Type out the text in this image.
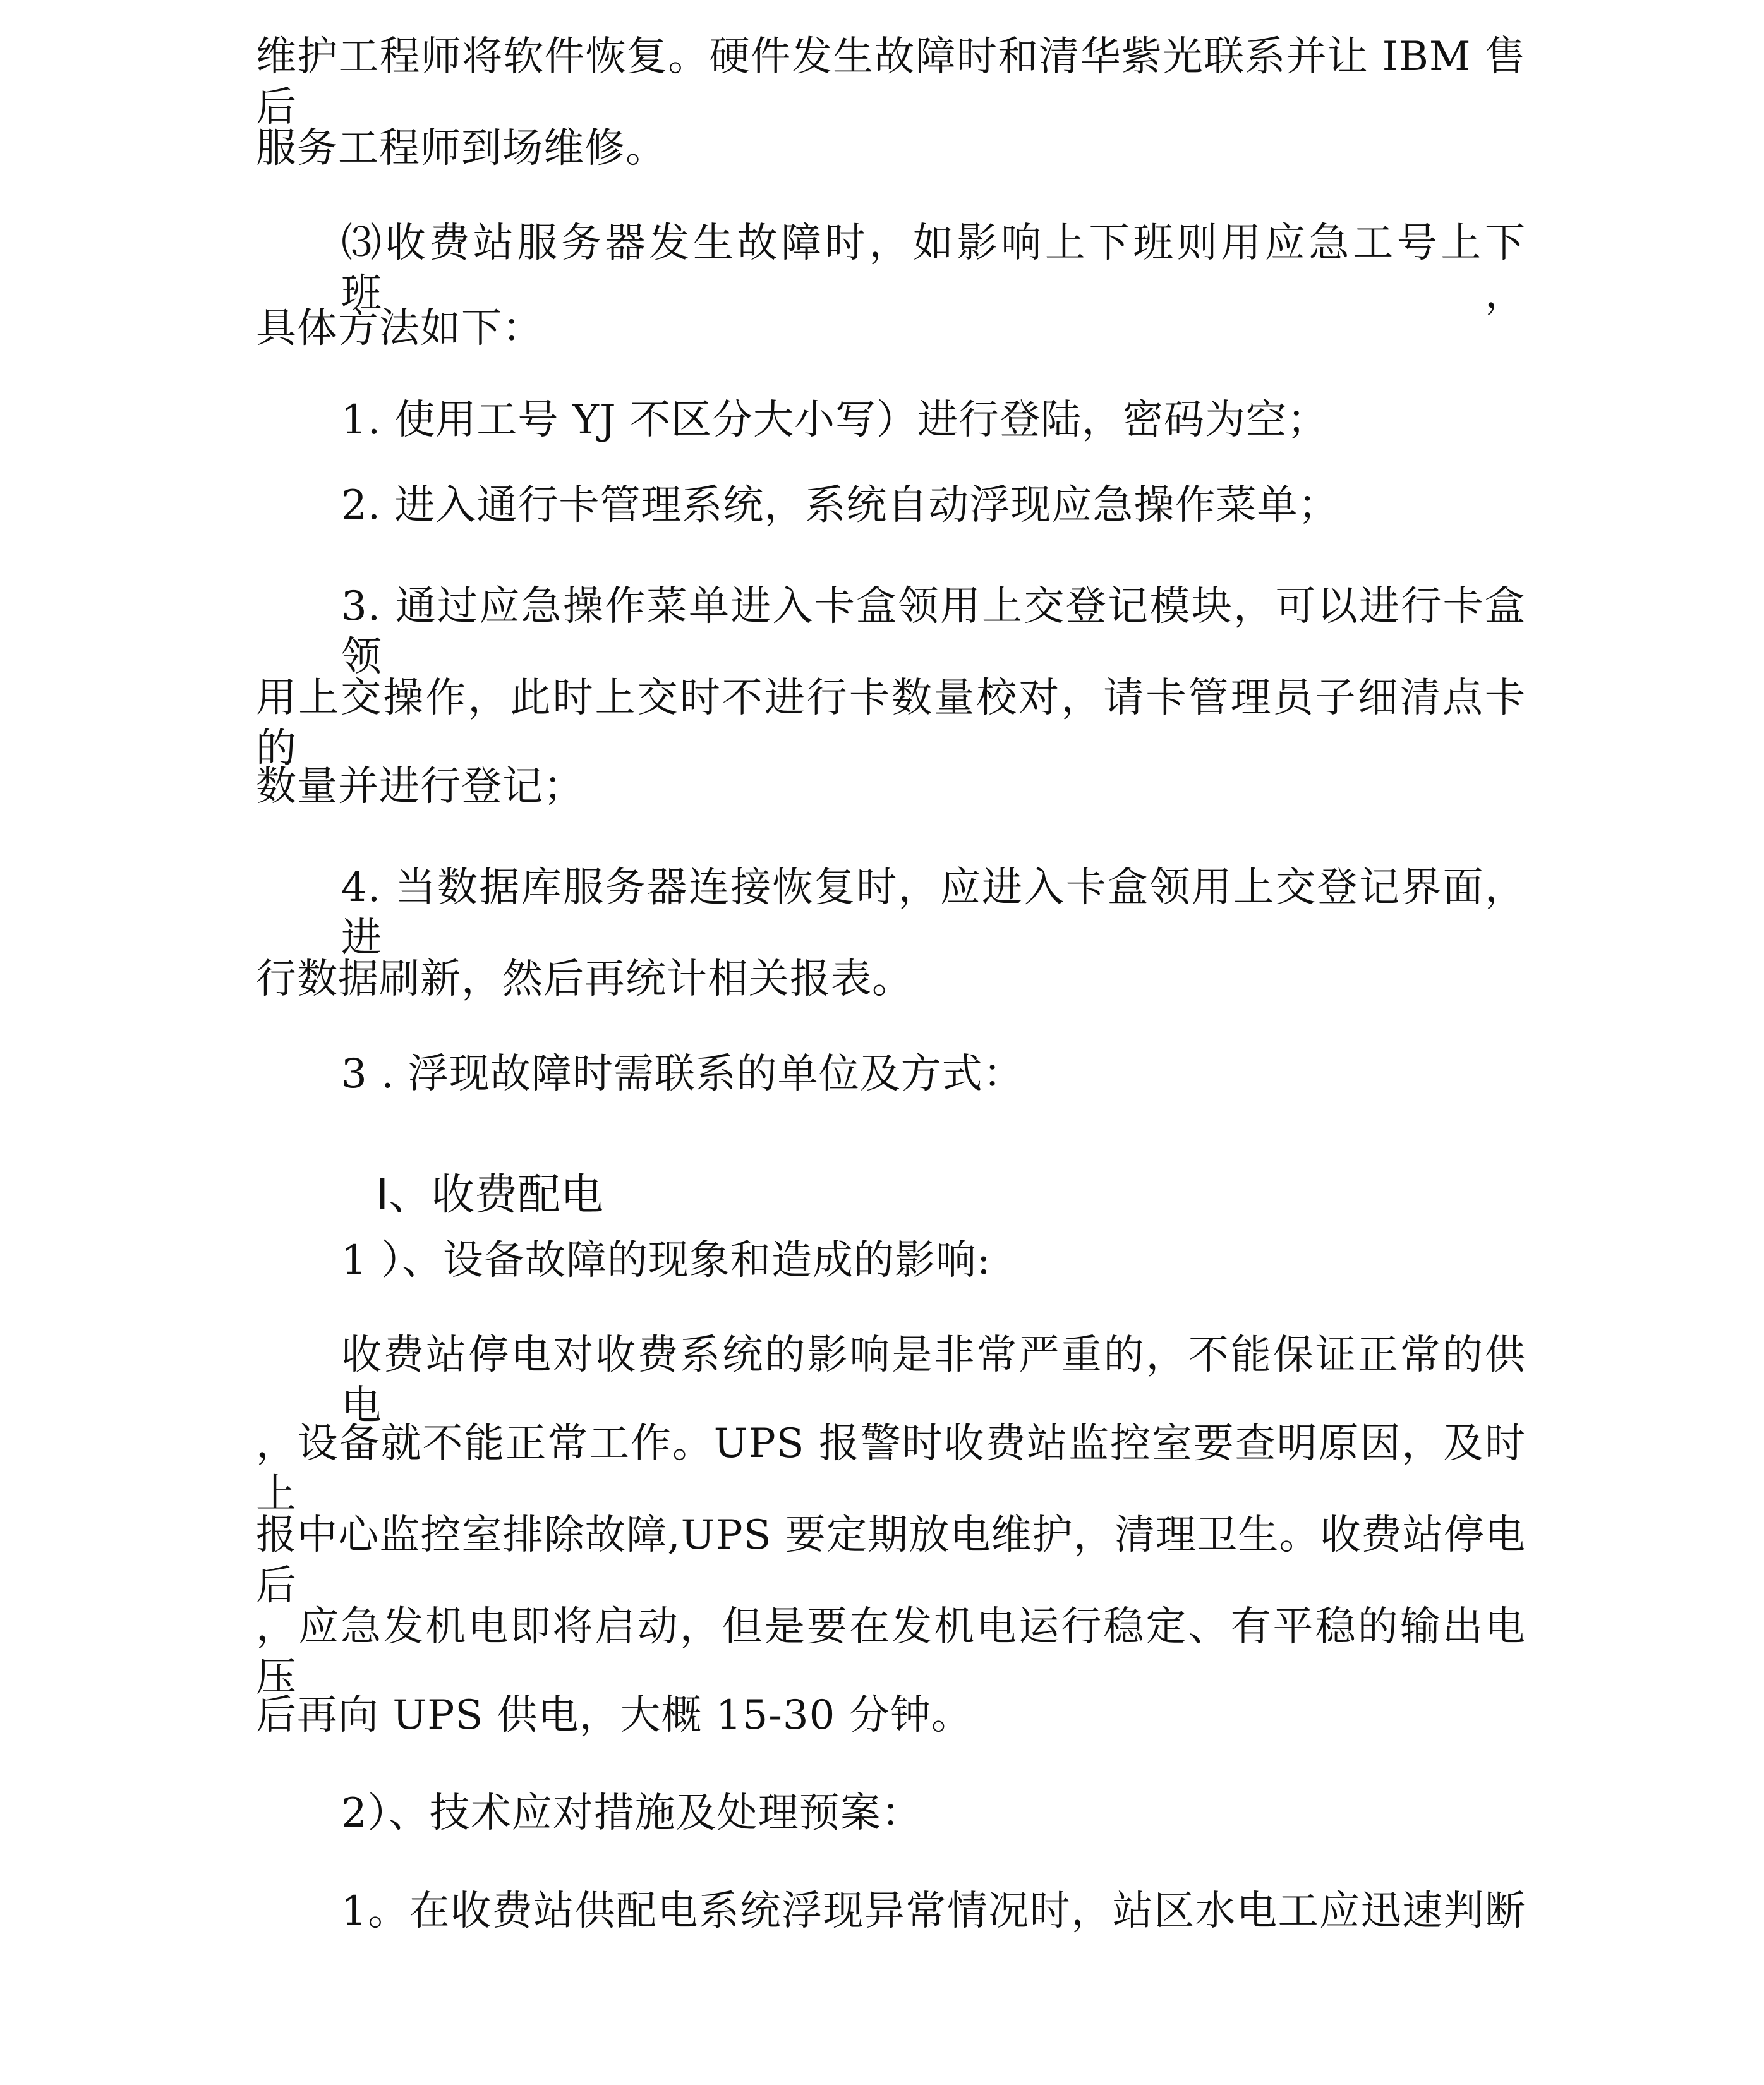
维护工程师将软件恢复。硬件发生故障时和清华紫光联系并让 IBM 售后
服务工程师到场维修。
⑶收费站服务器发生故障时，如影响上下班则用应急工号上下班，
具体方法如下：
1. 使用工号 YJ 不区分大小写）进行登陆，密码为空；
2. 进入通行卡管理系统，系统自动浮现应急操作菜单；
3. 通过应急操作菜单进入卡盒领用上交登记模块，可以进行卡盒领
用上交操作，此时上交时不进行卡数量校对，请卡管理员子细清点卡的
数量并进行登记；
4. 当数据库服务器连接恢复时，应进入卡盒领用上交登记界面，进
行数据刷新，然后再统计相关报表。
3 . 浮现故障时需联系的单位及方式：
Ⅰ、收费配电
1 ）、设备故障的现象和造成的影响:
收费站停电对收费系统的影响是非常严重的，不能保证正常的供电
，设备就不能正常工作。UPS 报警时收费站监控室要查明原因，及时上
报中心监控室排除故障,UPS 要定期放电维护，清理卫生。收费站停电后
，应急发机电即将启动，但是要在发机电运行稳定、有平稳的输出电压
后再向 UPS 供电，大概 15-30 分钟。
2）、技术应对措施及处理预案：
1。在收费站供配电系统浮现异常情况时，站区水电工应迅速判断
